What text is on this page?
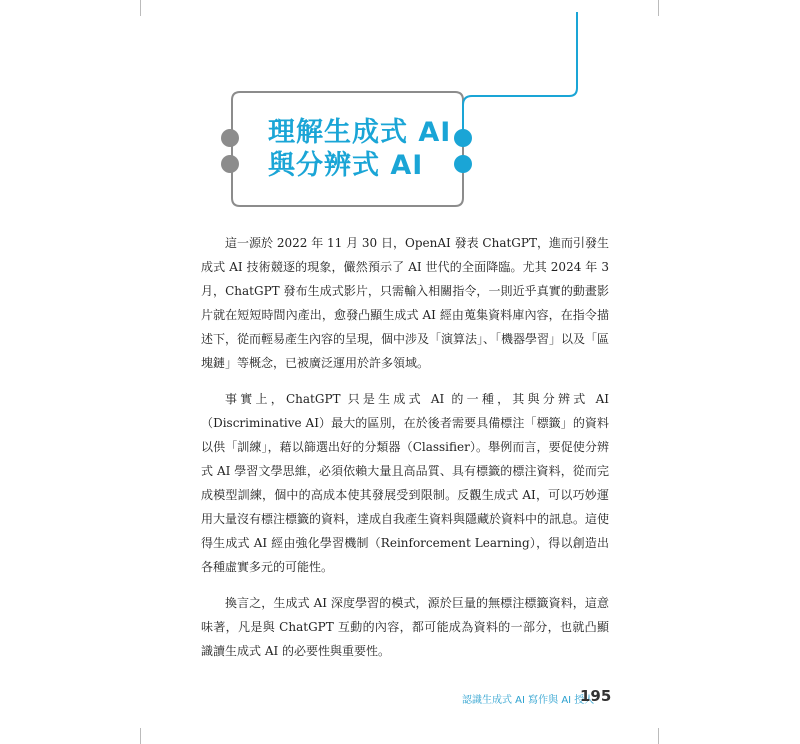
理解生成式 AI
與分辨式 AI

這一源於 2022 年 11 月 30 日，OpenAI 發表 ChatGPT，進而引發生成式 AI 技術競逐的現象，儼然預示了 AI 世代的全面降臨。尤其 2024 年 3 月，ChatGPT 發布生成式影片，只需輸入相關指令，一則近乎真實的動畫影片就在短短時間內產出，愈發凸顯生成式 AI 經由蒐集資料庫內容，在指令描述下，從而輕易產生內容的呈現，個中涉及「演算法」、「機器學習」以及「區塊鏈」等概念，已被廣泛運用於許多領域。

事實上，ChatGPT 只是生成式 AI 的一種，其與分辨式 AI（Discriminative AI）最大的區別，在於後者需要具備標注「標籤」的資料以供「訓練」，藉以篩選出好的分類器（Classifier）。舉例而言，要促使分辨式 AI 學習文學思維，必須依賴大量且高品質、具有標籤的標注資料，從而完成模型訓練，個中的高成本使其發展受到限制。反觀生成式 AI，可以巧妙運用大量沒有標注標籤的資料，達成自我產生資料與隱藏於資料中的訊息。這使得生成式 AI 經由強化學習機制（Reinforcement Learning），得以創造出各種虛實多元的可能性。

換言之，生成式 AI 深度學習的模式，源於巨量的無標注標籤資料，這意味著，凡是與 ChatGPT 互動的內容，都可能成為資料的一部分，也就凸顯識讀生成式 AI 的必要性與重要性。

認識生成式 AI 寫作與 AI 授人
195
